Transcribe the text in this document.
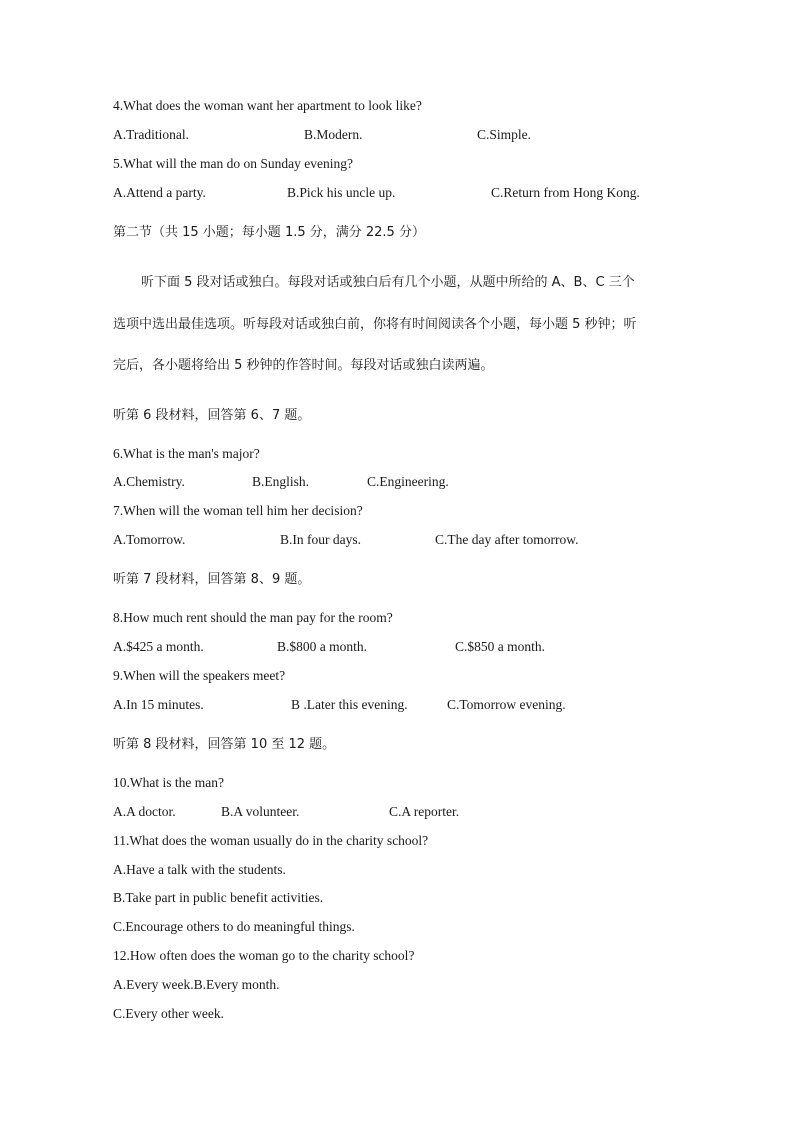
4.What does the woman want her apartment to look like?
A.Traditional.	B.Modern.	C.Simple.
5.What will the man do on Sunday evening?
A.Attend a party.	B.Pick his uncle up.	C.Return from Hong Kong.
第二节（共 15 小题；每小题 1.5 分，满分 22.5 分）
听下面 5 段对话或独白。每段对话或独白后有几个小题，从题中所给的 A、B、C 三个
选项中选出最佳选项。听每段对话或独白前，你将有时间阅读各个小题，每小题 5 秒钟；听
完后，各小题将给出 5 秒钟的作答时间。每段对话或独白读两遍。
听第 6 段材料，回答第 6、7 题。
6.What is the man's major?
A.Chemistry.	B.English.	C.Engineering.
7.When will the woman tell him her decision?
A.Tomorrow.	B.In four days.	C.The day after tomorrow.
听第 7 段材料，回答第 8、9 题。
8.How much rent should the man pay for the room?
A.$425 a month.	B.$800 a month.	C.$850 a month.
9.When will the speakers meet?
A.In 15 minutes.	B .Later this evening.	C.Tomorrow evening.
听第 8 段材料，回答第 10 至 12 题。
10.What is the man?
A.A doctor.	B.A volunteer.	C.A reporter.
11.What does the woman usually do in the charity school?
A.Have a talk with the students.
B.Take part in public benefit activities.
C.Encourage others to do meaningful things.
12.How often does the woman go to the charity school?
A.Every week.B.Every month.
C.Every other week.
